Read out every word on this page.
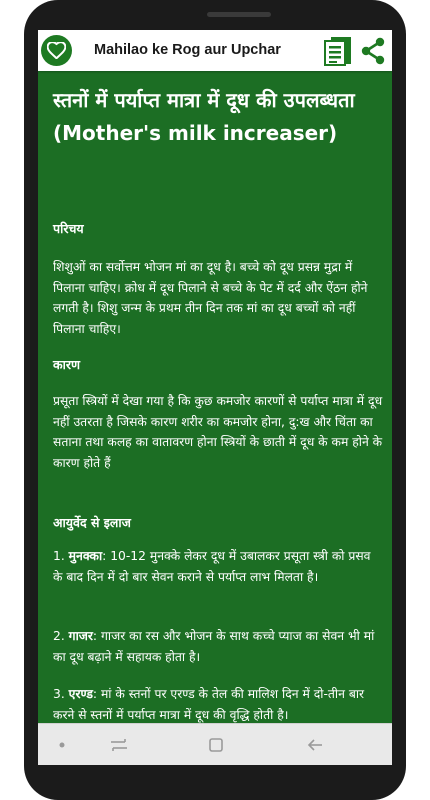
Mahilao ke Rog aur Upchar
स्तनों में पर्याप्त मात्रा में दूध की उपलब्धता (Mother's milk increaser)
परिचय
शिशुओं का सर्वोत्तम भोजन मां का दूध है। बच्चे को दूध प्रसन्न मुद्रा में पिलाना चाहिए। क्रोध में दूध पिलाने से बच्चे के पेट में दर्द और ऐंठन होने लगती है। शिशु जन्म के प्रथम तीन दिन तक मां का दूध बच्चों को नहीं पिलाना चाहिए।
कारण
प्रसूता स्त्रियों में देखा गया है कि कुछ कमजोर कारणों से पर्याप्त मात्रा में दूध नहीं उतरता है जिसके कारण शरीर का कमजोर होना, दु:ख और चिंता का सताना तथा कलह का वातावरण होना स्त्रियों के छाती में दूध के कम होने के कारण होते हैं
आयुर्वेद से इलाज
1. मुनक्का: 10-12 मुनक्के लेकर दूध में उबालकर प्रसूता स्त्री को प्रसव के बाद दिन में दो बार सेवन कराने से पर्याप्त लाभ मिलता है।
2. गाजर: गाजर का रस और भोजन के साथ कच्चे प्याज का सेवन भी मां का दूध बढ़ाने में सहायक होता है।
3. एरण्ड: मां के स्तनों पर एरण्ड के तेल की मालिश दिन में दो-तीन बार करने से स्तनों में पर्याप्त मात्रा में दूध की वृद्धि होती है।
